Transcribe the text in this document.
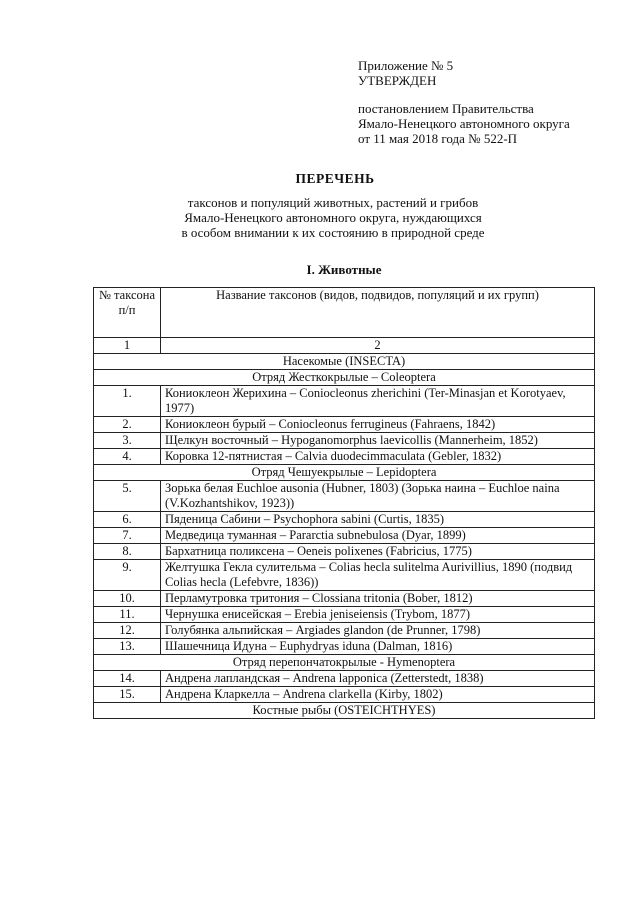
Приложение № 5
УТВЕРЖДЕН
постановлением Правительства
Ямало-Ненецкого автономного округа
от 11 мая 2018 года № 522-П
ПЕРЕЧЕНЬ
таксонов и популяций животных, растений и грибов
Ямало-Ненецкого автономного округа, нуждающихся
в особом внимании к их состоянию в природной среде
I. Животные
№ таксона п/п	Название таксонов (видов, подвидов, популяций и их групп)
1	2
Насекомые (INSECTA)	
Отряд Жесткокрылые – Coleoptera	
1.	Кониоклеон Жерихина – Coniocleonus zherichini (Ter-Minasjan et Korotyaev, 1977)
2.	Кониоклеон бурый – Coniocleonus ferrugineus (Fahraens, 1842)
3.	Щелкун восточный – Hypoganomorphus laevicollis (Mannerheim, 1852)
4.	Коровка 12-пятнистая – Calvia duodecimmaculata (Gebler, 1832)
Отряд Чешуекрылые – Lepidoptera	
5.	Зорька белая Euchloe ausonia (Hubner, 1803) (Зорька наина – Euchloe naina (V.Kozhantshikov, 1923))
6.	Пяденица Сабини – Psychophora sabini (Curtis, 1835)
7.	Медведица туманная – Pararctia subnebulosa (Dyar, 1899)
8.	Бархатница поликсена – Oeneis polixenes (Fabricius, 1775)
9.	Желтушка Гекла сулительма – Colias hecla sulitelma Aurivillius, 1890 (подвид Colias hecla (Lefebvre, 1836))
10.	Перламутровка тритония – Clossiana tritonia (Bober, 1812)
11.	Чернушка енисейская – Erebia jeniseiensis (Trybom, 1877)
12.	Голубянка альпийская – Argiades glandon (de Prunner, 1798)
13.	Шашечница Идуна – Euphydryas iduna (Dalman, 1816)
Отряд перепончатокрылые - Hymenoptera	
14.	Андрена лапландская – Andrena lapponica (Zetterstedt, 1838)
15.	Андрена Кларкелла – Andrena clarkella (Kirby, 1802)
Костные рыбы (OSTEICHTHYES)	
